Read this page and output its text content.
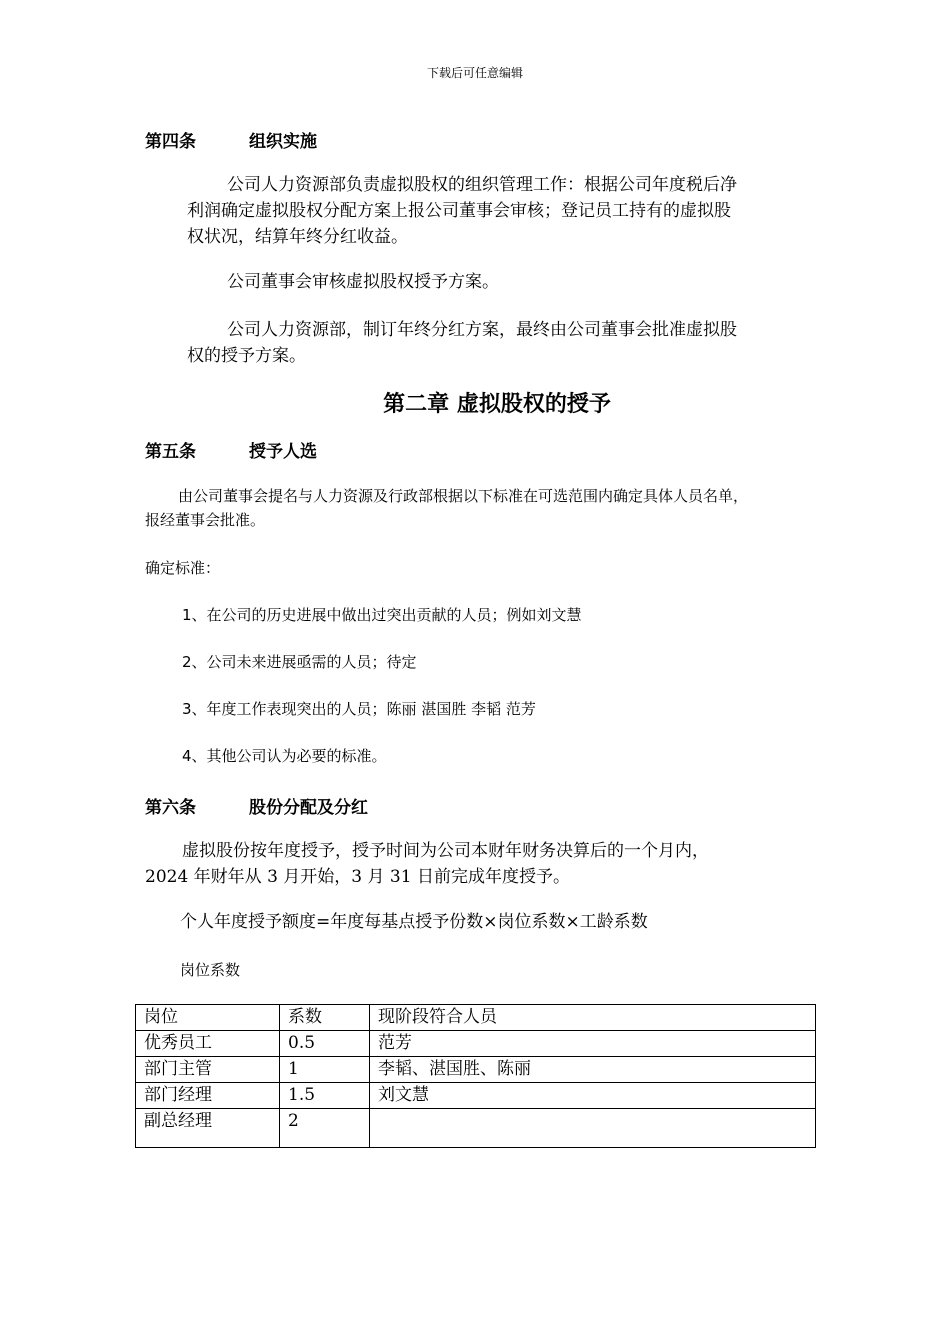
下载后可任意编辑
第四条	组织实施
公司人力资源部负责虚拟股权的组织管理工作：根据公司年度税后净
利润确定虚拟股权分配方案上报公司董事会审核；登记员工持有的虚拟股
权状况，结算年终分红收益。
公司董事会审核虚拟股权授予方案。
公司人力资源部，制订年终分红方案，最终由公司董事会批准虚拟股
权的授予方案。
第二章 虚拟股权的授予
第五条	授予人选
由公司董事会提名与人力资源及行政部根据以下标准在可选范围内确定具体人员名单，
报经董事会批准。
确定标准：
1、在公司的历史进展中做出过突出贡献的人员；例如刘文慧
2、公司未来进展亟需的人员；待定
3、年度工作表现突出的人员；陈丽 湛国胜 李韬 范芳
4、其他公司认为必要的标准。
第六条	股份分配及分红
虚拟股份按年度授予，授予时间为公司本财年财务决算后的一个月内，
2024 年财年从 3 月开始，3 月 31 日前完成年度授予。
个人年度授予额度=年度每基点授予份数×岗位系数×工龄系数
岗位系数
岗位	系数	现阶段符合人员
优秀员工	0.5	范芳
部门主管	1	李韬、湛国胜、陈丽
部门经理	1.5	刘文慧
副总经理	2	
